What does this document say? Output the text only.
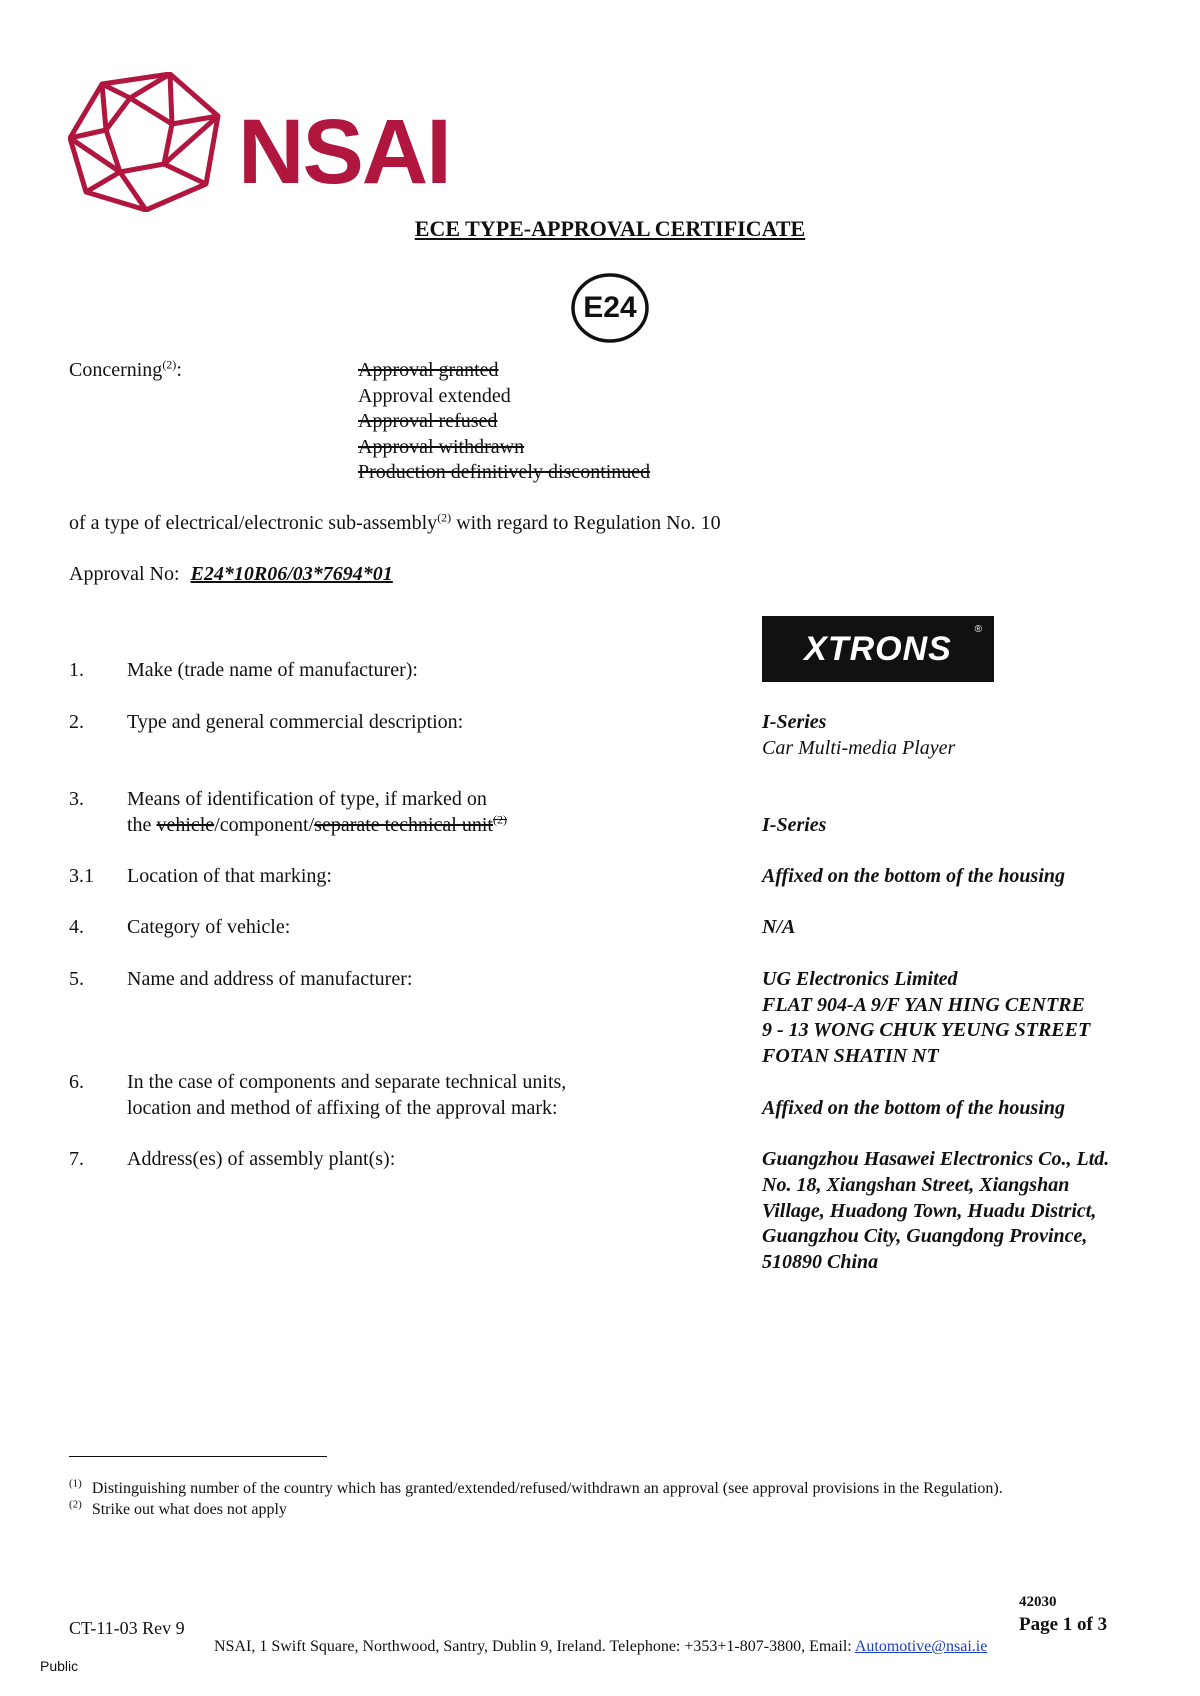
NSAI
ECE TYPE-APPROVAL CERTIFICATE
E24
Concerning$^{(2)}$:	Approval granted
Approval extended
Approval refused
Approval withdrawn
Production definitively discontinued
of a type of electrical/electronic sub-assembly$^{(2)}$ with regard to Regulation No. 10
Approval No: E24*10R06/03*7694*01
XTRONS ®
1. Make (trade name of manufacturer):
2. Type and general commercial description:	I-Series
Car Multi-media Player
3. Means of identification of type, if marked on
the vehicle/component/separate technical unit$^{(2)}$	I-Series
3.1 Location of that marking:	Affixed on the bottom of the housing
4. Category of vehicle:	N/A
5. Name and address of manufacturer:	UG Electronics Limited
FLAT 904-A 9/F YAN HING CENTRE
9 - 13 WONG CHUK YEUNG STREET
FOTAN SHATIN NT
6. In the case of components and separate technical units,
location and method of affixing of the approval mark:	Affixed on the bottom of the housing
7. Address(es) of assembly plant(s):	Guangzhou Hasawei Electronics Co., Ltd.
No. 18, Xiangshan Street, Xiangshan
Village, Huadong Town, Huadu District,
Guangzhou City, Guangdong Province,
510890 China
$^{(1)}$ Distinguishing number of the country which has granted/extended/refused/withdrawn an approval (see approval provisions in the Regulation).
$^{(2)}$ Strike out what does not apply
CT-11-03 Rev 9
42030
Page 1 of 3
NSAI, 1 Swift Square, Northwood, Santry, Dublin 9, Ireland. Telephone: +353+1-807-3800, Email: Automotive@nsai.ie
Public
